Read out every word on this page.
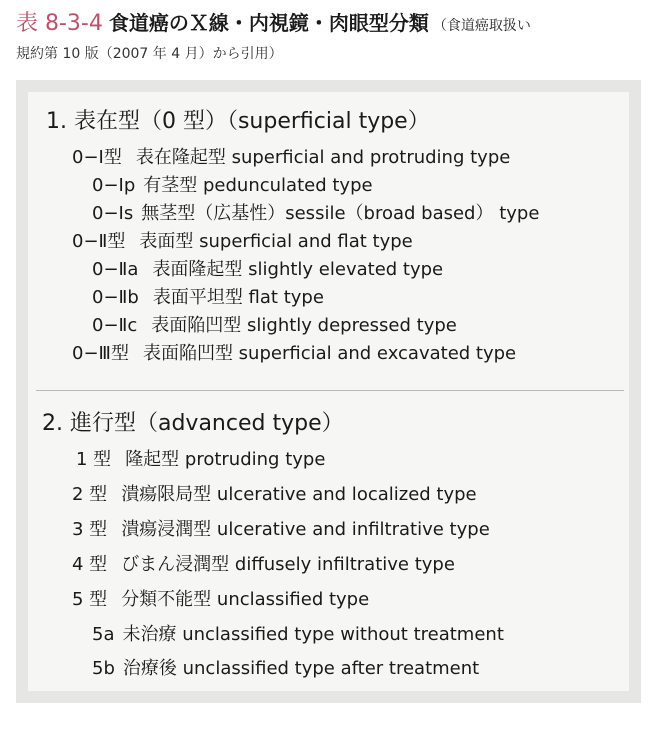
表 8-3-4 食道癌のＸ線・内視鏡・肉眼型分類 （食道癌取扱い
規約第 10 版（2007 年 4 月）から引用）
1. 表在型（0 型）（superficial type）
0−Ⅰ型 表在隆起型 superficial and protruding type
0−Ⅰp 有茎型 pedunculated type
0−Ⅰs 無茎型（広基性）sessile（broad based） type
0−Ⅱ型 表面型 superficial and flat type
0−Ⅱa 表面隆起型 slightly elevated type
0−Ⅱb 表面平坦型 flat type
0−Ⅱc 表面陥凹型 slightly depressed type
0−Ⅲ型 表面陥凹型 superficial and excavated type
2. 進行型（advanced type）
1 型 隆起型 protruding type
2 型 潰瘍限局型 ulcerative and localized type
3 型 潰瘍浸潤型 ulcerative and infiltrative type
4 型 びまん浸潤型 diffusely infiltrative type
5 型 分類不能型 unclassified type
5a 未治療 unclassified type without treatment
5b 治療後 unclassified type after treatment
